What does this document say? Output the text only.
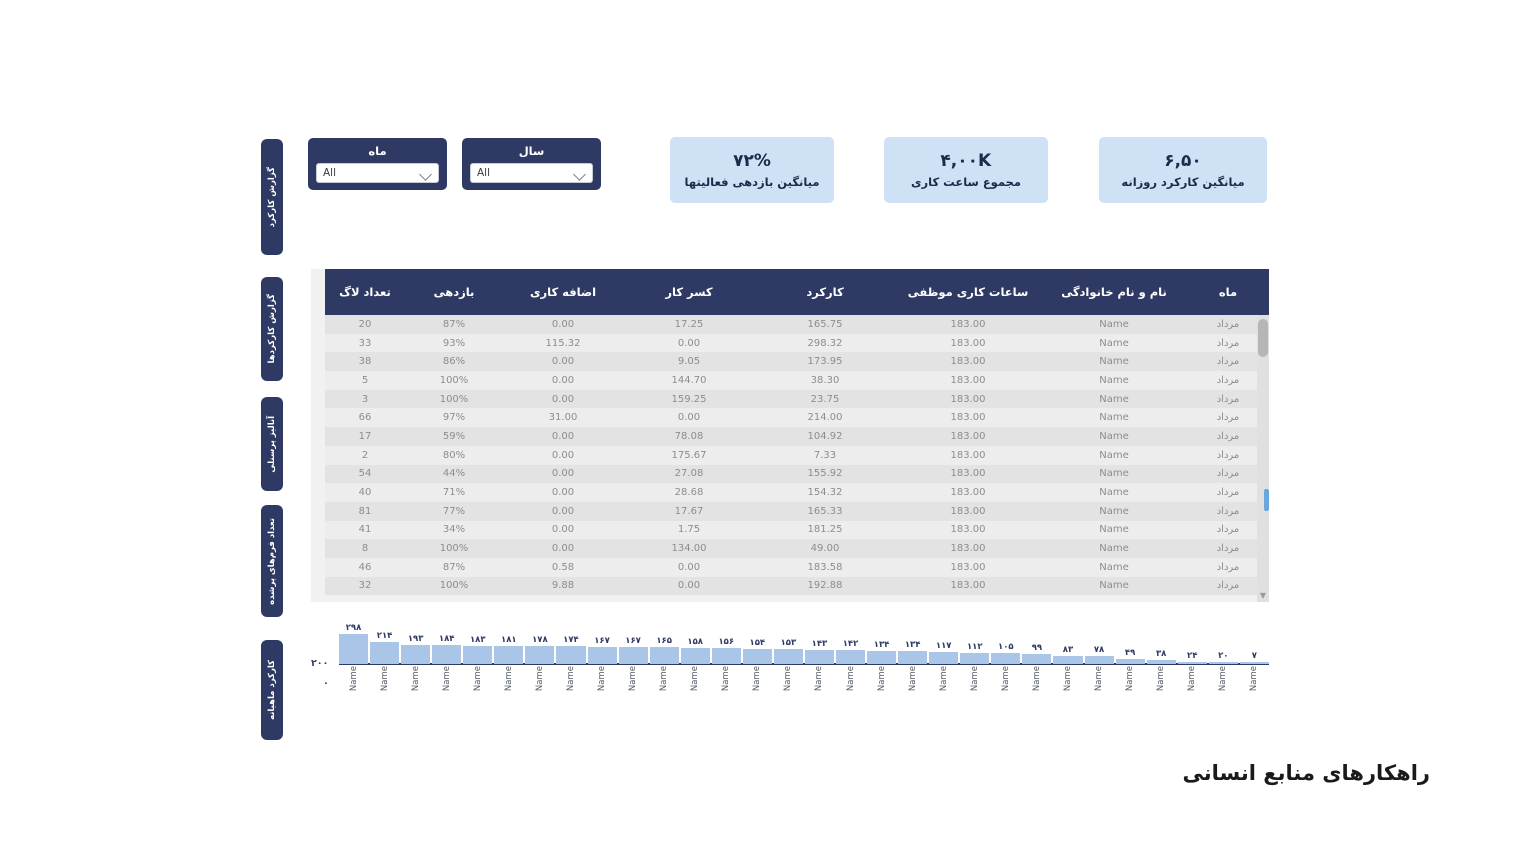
گزارش کارکرد
گزارش کارکردها
آنالیز پرسنلی
تعداد فرم‌های پرشده
کارکرد ماهیانه
ماه
All
سال
All
۷۲%
میانگین بازدهی فعالیتها
۴,۰۰K
مجموع ساعت کاری
۶,۵۰
میانگین کارکرد روزانه
ماه	نام و نام خانوادگی	ساعات کاری موظفی	کارکرد	کسر کار	اضافه کاری	بازدهی	تعداد لاگ
مرداد	Name	183.00	165.75	17.25	0.00	87%	20
مرداد	Name	183.00	298.32	0.00	115.32	93%	33
مرداد	Name	183.00	173.95	9.05	0.00	86%	38
مرداد	Name	183.00	38.30	144.70	0.00	100%	5
مرداد	Name	183.00	23.75	159.25	0.00	100%	3
مرداد	Name	183.00	214.00	0.00	31.00	97%	66
مرداد	Name	183.00	104.92	78.08	0.00	59%	17
مرداد	Name	183.00	7.33	175.67	0.00	80%	2
مرداد	Name	183.00	155.92	27.08	0.00	44%	54
مرداد	Name	183.00	154.32	28.68	0.00	71%	40
مرداد	Name	183.00	165.33	17.67	0.00	77%	81
مرداد	Name	183.00	181.25	1.75	0.00	34%	41
مرداد	Name	183.00	49.00	134.00	0.00	100%	8
مرداد	Name	183.00	183.58	0.00	0.58	87%	46
مرداد	Name	183.00	192.88	0.00	9.88	100%	32
▼
۲۰۰
۰
۲۹۸
۲۱۴ ۱۹۳ ۱۸۴ ۱۸۳ ۱۸۱ ۱۷۸ ۱۷۴ ۱۶۷ ۱۶۷ ۱۶۵ ۱۵۸ ۱۵۶ ۱۵۴ ۱۵۳ ۱۴۳ ۱۴۲ ۱۳۴ ۱۳۴ ۱۱۷ ۱۱۲ ۱۰۵ ۹۹ ۸۳ ۷۸ ۴۹ ۳۸ ۲۴ ۲۰	۷
Name	Name	Name	Name	Name	Name	Name	Name	Name	Name	Name	Name	Name	Name	Name	Name	Name	Name	Name	Name	Name	Name	Name	Name	Name	Name	Name	Name	Name	Name
راهکارهای منابع انسانی
